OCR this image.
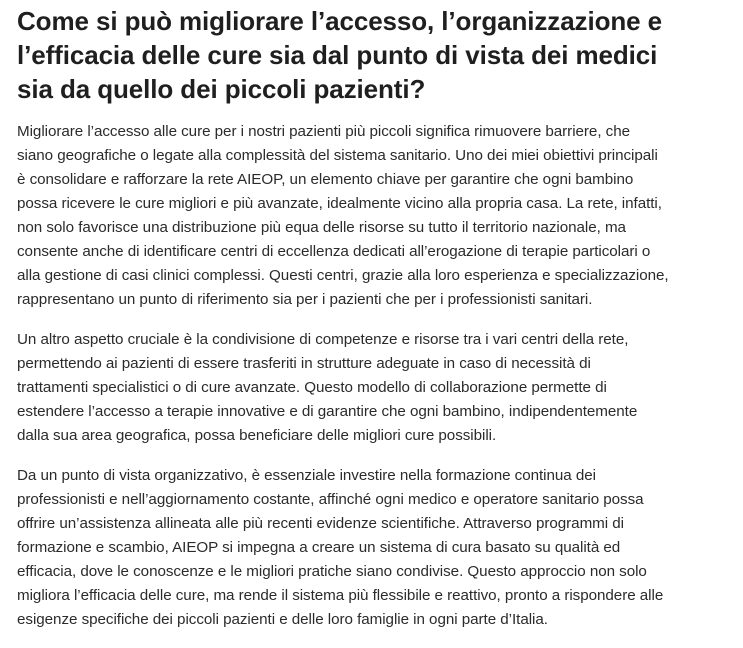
Come si può migliorare l’accesso, l’organizzazione e
l’efficacia delle cure sia dal punto di vista dei medici
sia da quello dei piccoli pazienti?
Migliorare l’accesso alle cure per i nostri pazienti più piccoli significa rimuovere barriere, che
siano geografiche o legate alla complessità del sistema sanitario. Uno dei miei obiettivi principali
è consolidare e rafforzare la rete AIEOP, un elemento chiave per garantire che ogni bambino
possa ricevere le cure migliori e più avanzate, idealmente vicino alla propria casa. La rete, infatti,
non solo favorisce una distribuzione più equa delle risorse su tutto il territorio nazionale, ma
consente anche di identificare centri di eccellenza dedicati all’erogazione di terapie particolari o
alla gestione di casi clinici complessi. Questi centri, grazie alla loro esperienza e specializzazione,
rappresentano un punto di riferimento sia per i pazienti che per i professionisti sanitari.
Un altro aspetto cruciale è la condivisione di competenze e risorse tra i vari centri della rete,
permettendo ai pazienti di essere trasferiti in strutture adeguate in caso di necessità di
trattamenti specialistici o di cure avanzate. Questo modello di collaborazione permette di
estendere l’accesso a terapie innovative e di garantire che ogni bambino, indipendentemente
dalla sua area geografica, possa beneficiare delle migliori cure possibili.
Da un punto di vista organizzativo, è essenziale investire nella formazione continua dei
professionisti e nell’aggiornamento costante, affinché ogni medico e operatore sanitario possa
offrire un’assistenza allineata alle più recenti evidenze scientifiche. Attraverso programmi di
formazione e scambio, AIEOP si impegna a creare un sistema di cura basato su qualità ed
efficacia, dove le conoscenze e le migliori pratiche siano condivise. Questo approccio non solo
migliora l’efficacia delle cure, ma rende il sistema più flessibile e reattivo, pronto a rispondere alle
esigenze specifiche dei piccoli pazienti e delle loro famiglie in ogni parte d’Italia.
